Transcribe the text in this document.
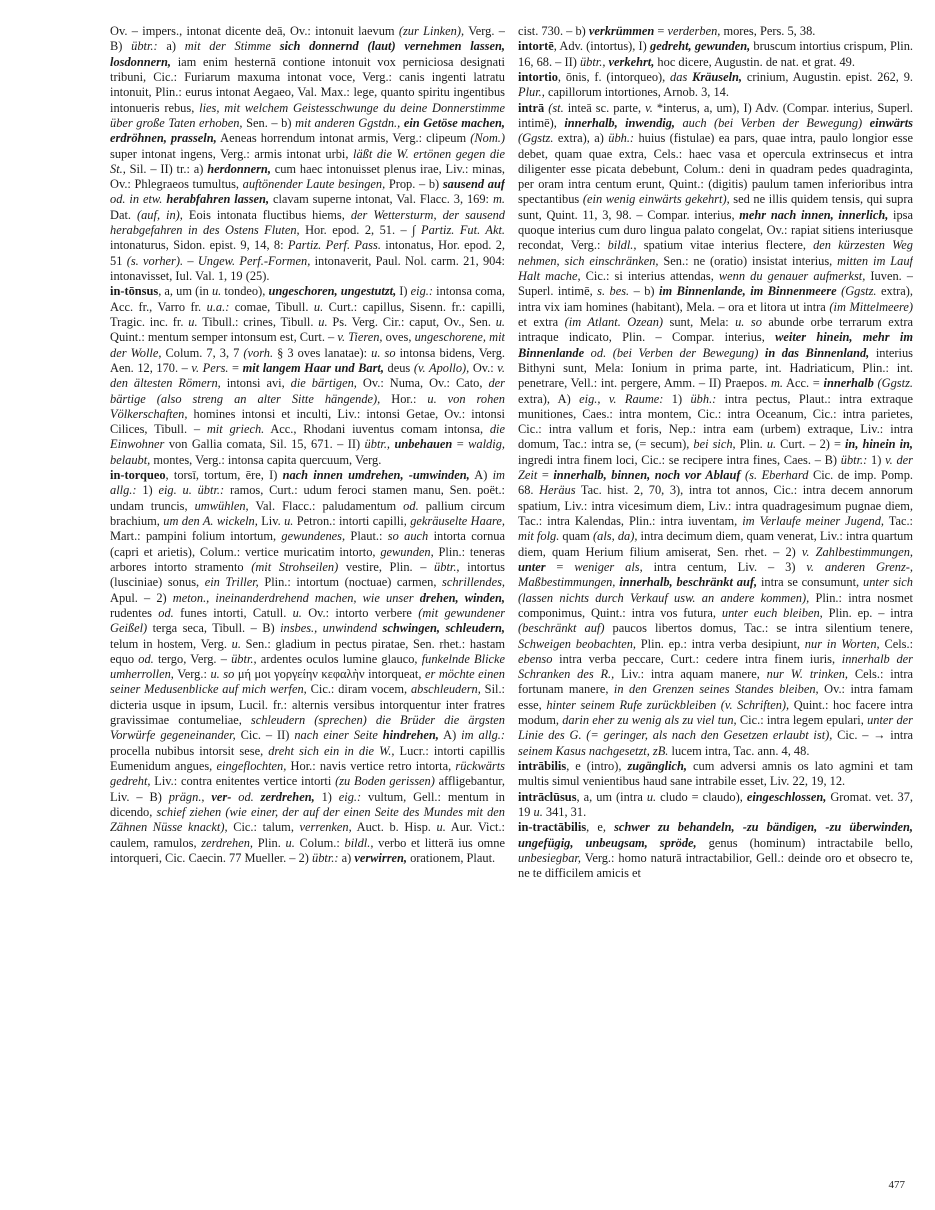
Ov. – impers., intonat dicente deā, Ov.: intonuit laevum (zur Linken), Verg. – B) übtr.: a) mit der Stimme sich donnernd (laut) vernehmen lassen, losdonnern, iam enim hesternā contione intonuit vox perniciosa designati tribuni, Cic.: Furiarum maxuma intonat voce, Verg.: canis ingenti latratu intonuit, Plin.: eurus intonat Aegaeo, Val. Max.: lege, quanto spiritu ingentibus intonueris rebus, lies, mit welchem Geistesschwunge du deine Donnerstimme über große Taten erhoben, Sen. – b) mit anderen Ggstdn., ein Getöse machen, erdröhnen, prasseln, Aeneas horrendum intonat armis, Verg.: clipeum (Nom.) super intonat ingens, Verg.: armis intonat urbi, läßt die W. ertönen gegen die St., Sil. – II) tr.: a) herdonnern, cum haec intonuisset plenus irae, Liv.: minas, Ov.: Phlegraeos tumultus, auftönender Laute besingen, Prop. – b) sausend auf od. in etw. herabfahren lassen, clavam superne intonat, Val. Flacc. 3, 169: m. Dat. (auf, in), Eois intonata fluctibus hiems, der Wettersturm, der sausend herabgefahren in des Ostens Fluten, Hor. epod. 2, 51. – ∫ Partiz. Fut. Akt. intonaturus, Sidon. epist. 9, 14, 8: Partiz. Perf. Pass. intonatus, Hor. epod. 2, 51 (s. vorher). – Ungew. Perf.-Formen, intonaverit, Paul. Nol. carm. 21, 904: intonavisset, Iul. Val. 1, 19 (25).

in-tōnsus, a, um (in u. tondeo), ungeschoren, ungestutzt, I) eig.: intonsa coma, Acc. fr., Varro fr. u.a.: comae, Tibull. u. Curt.: capillus, Sisenn. fr.: capilli, Tragic. inc. fr. u. Tibull.: crines, Tibull. u. Ps. Verg. Cir.: caput, Ov., Sen. u. Quint.: mentum semper intonsum est, Curt. – v. Tieren, oves, ungeschorene, mit der Wolle, Colum. 7, 3, 7 (vorh. § 3 oves lanatae): u. so intonsa bidens, Verg. Aen. 12, 170. – v. Pers. = mit langem Haar und Bart, deus (v. Apollo), Ov.: v. den ältesten Römern, intonsi avi, die bärtigen, Ov.: Numa, Ov.: Cato, der bärtige (also streng an alter Sitte hängende), Hor.: u. von rohen Völkerschaften, homines intonsi et inculti, Liv.: intonsi Getae, Ov.: intonsi Cilices, Tibull. – mit griech. Acc., Rhodani iuventus comam intonsa, die Einwohner von Gallia comata, Sil. 15, 671. – II) übtr., unbehauen = waldig, belaubt, montes, Verg.: intonsa capita quercuum, Verg.

in-torqueo, torsī, tortum, ēre, I) nach innen umdrehen, -umwinden, A) im allg.: 1) eig. u. übtr.: ramos, Curt.: udum feroci stamen manu, Sen. poët.: undam truncis, umwühlen, Val. Flacc.: paludamentum od. pallium circum brachium, um den A. wickeln, Liv. u. Petron.: intorti capilli, gekräuselte Haare, Mart.: pampini folium intortum, gewundenes, Plaut.: so auch intorta cornua (capri et arietis), Colum.: vertice muricatim intorto, gewunden, Plin.: teneras arbores intorto stramento (mit Strohseilen) vestire, Plin. – übtr., intortus (lusciniae) sonus, ein Triller, Plin.: intortum (noctuae) carmen, schrillendes, Apul. – 2) meton., ineinanderdrehend machen, wie unser drehen, winden, rudentes od. funes intorti, Catull. u. Ov.: intorto verbere (mit gewundener Geißel) terga seca, Tibull. – B) insbes., unwindend schwingen, schleudern, telum in hostem, Verg. u. Sen.: gladium in pectus piratae, Sen. rhet.: hastam equo od. tergo, Verg. – übtr., ardentes oculos lumine glauco, funkelnde Blicke umherrollen, Verg.: u. so μή μοι γοργείην κεφαλὴν intorqueat, er möchte einen seiner Medusenblicke auf mich werfen, Cic.: diram vocem, abschleudern, Sil.: dicteria usque in ipsum, Lucil. fr.: alternis versibus intorquentur inter fratres gravissimae contumeliae, schleudern (sprechen) die Brüder die ärgsten Vorwürfe gegeneinander, Cic. – II) nach einer Seite hindrehen, A) im allg.: procella nubibus intorsit sese, dreht sich ein in die W., Lucr.: intorti capillis Eumenidum angues, eingeflochten, Hor.: navis vertice retro intorta, rückwärts gedreht, Liv.: contra enitentes vertice intorti (zu Boden gerissen) affligebantur, Liv. – B) prägn., ver- od. zerdrehen, 1) eig.: vultum, Gell.: mentum in dicendo, schief ziehen (wie einer, der auf der einen Seite des Mundes mit den Zähnen Nüsse knackt), Cic.: talum, verrenken, Auct. b. Hisp. u. Aur. Vict.: caulem, ramulos, zerdrehen, Plin. u. Colum.: bildl., verbo et litterā ius omne intorqueri, Cic. Caecin. 77 Mueller. – 2) übtr.: a) verwirren, orationem, Plaut.

cist. 730. – b) verkrümmen = verderben, mores, Pers. 5, 38.

intortē, Adv. (intortus), I) gedreht, gewunden, bruscum intortius crispum, Plin. 16, 68. – II) übtr., verkehrt, hoc dicere, Augustin. de nat. et grat. 49.

intortio, ōnis, f. (intorqueo), das Kräuseln, crinium, Augustin. epist. 262, 9. Plur., capillorum intortiones, Arnob. 3, 14.

intrā (st. inteā sc. parte, v. *interus, a, um), I) Adv. (Compar. interius, Superl. intimē), innerhalb, inwendig, auch (bei Verben der Bewegung) einwärts (Ggstz. extra), a) übh.: huius (fistulae) ea pars, quae intra, paulo longior esse debet, quam quae extra, Cels.: haec vasa et opercula extrinsecus et intra diligenter esse picata debebunt, Colum.: deni in quadram pedes quadraginta, per oram intra centum erunt, Quint.: (digitis) paulum tamen inferioribus intra spectantibus (ein wenig einwärts gekehrt), sed ne illis quidem tensis, qui supra sunt, Quint. 11, 3, 98. – Compar. interius, mehr nach innen, innerlich, ipsa quoque interius cum duro lingua palato congelat, Ov.: rapiat sitiens interiusque recondat, Verg.: bildl., spatium vitae interius flectere, den kürzesten Weg nehmen, sich einschränken, Sen.: ne (oratio) insistat interius, mitten im Lauf Halt mache, Cic.: si interius attendas, wenn du genauer aufmerkst, Iuven. – Superl. intimē, s. bes. – b) im Binnenlande, im Binnenmeere (Ggstz. extra), intra vix iam homines (habitant), Mela. – ora et litora ut intra (im Mittelmeere) et extra (im Atlant. Ozean) sunt, Mela: u. so abunde orbe terrarum extra intraque indicato, Plin. – Compar. interius, weiter hinein, mehr im Binnenlande od. (bei Verben der Bewegung) in das Binnenland, interius Bithyni sunt, Mela: Ionium in prima parte, int. Hadriaticum, Plin.: int. penetrare, Vell.: int. pergere, Amm. – II) Praepos. m. Acc. = innerhalb (Ggstz. extra), A) eig., v. Raume: 1) übh.: intra pectus, Plaut.: intra extraque munitiones, Caes.: intra montem, Cic.: intra Oceanum, Cic.: intra parietes, Cic.: intra vallum et foris, Nep.: intra eam (urbem) extraque, Liv.: intra domum, Tac.: intra se, (= secum), bei sich, Plin. u. Curt. – 2) = in, hinein in, ingredi intra finem loci, Cic.: se recipere intra fines, Caes. – B) übtr.: 1) v. der Zeit = innerhalb, binnen, noch vor Ablauf (s. Eberhard Cic. de imp. Pomp. 68. Heräus Tac. hist. 2, 70, 3), intra tot annos, Cic.: intra decem annorum spatium, Liv.: intra vicesimum diem, Liv.: intra quadragesimum pugnae diem, Tac.: intra Kalendas, Plin.: intra iuventam, im Verlaufe meiner Jugend, Tac.: mit folg. quam (als, da), intra decimum diem, quam venerat, Liv.: intra quartum diem, quam Herium filium amiserat, Sen. rhet. – 2) v. Zahlbestimmungen, unter = weniger als, intra centum, Liv. – 3) v. anderen Grenz-, Maßbestimmungen, innerhalb, beschränkt auf, intra se consumunt, unter sich (lassen nichts durch Verkauf usw. an andere kommen), Plin.: intra nosmet componimus, Quint.: intra vos futura, unter euch bleiben, Plin. ep. – intra (beschränkt auf) paucos libertos domus, Tac.: se intra silentium tenere, Schweigen beobachten, Plin. ep.: intra verba desipiunt, nur in Worten, Cels.: ebenso intra verba peccare, Curt.: cedere intra finem iuris, innerhalb der Schranken des R., Liv.: intra aquam manere, nur W. trinken, Cels.: intra fortunam manere, in den Grenzen seines Standes bleiben, Ov.: intra famam esse, hinter seinem Rufe zurückbleiben (v. Schriften), Quint.: hoc facere intra modum, darin eher zu wenig als zu viel tun, Cic.: intra legem epulari, unter der Linie des G. (= geringer, als nach den Gesetzen erlaubt ist), Cic. – → intra seinem Kasus nachgesetzt, zB. lucem intra, Tac. ann. 4, 48.

intrābilis, e (intro), zugänglich, cum adversi amnis os lato agmini et tam multis simul venientibus haud sane intrabile esset, Liv. 22, 19, 12.

intrāclūsus, a, um (intra u. cludo = claudo), eingeschlossen, Gromat. vet. 37, 19 u. 341, 31.

in-tractābilis, e, schwer zu behandeln, -zu bändigen, -zu überwinden, ungefügig, unbeugsam, spröde, genus (hominum) intractabile bello, unbesiegbar, Verg.: homo naturā intractabilior, Gell.: deinde oro et obsecro te, ne te difficilem amicis et

477
